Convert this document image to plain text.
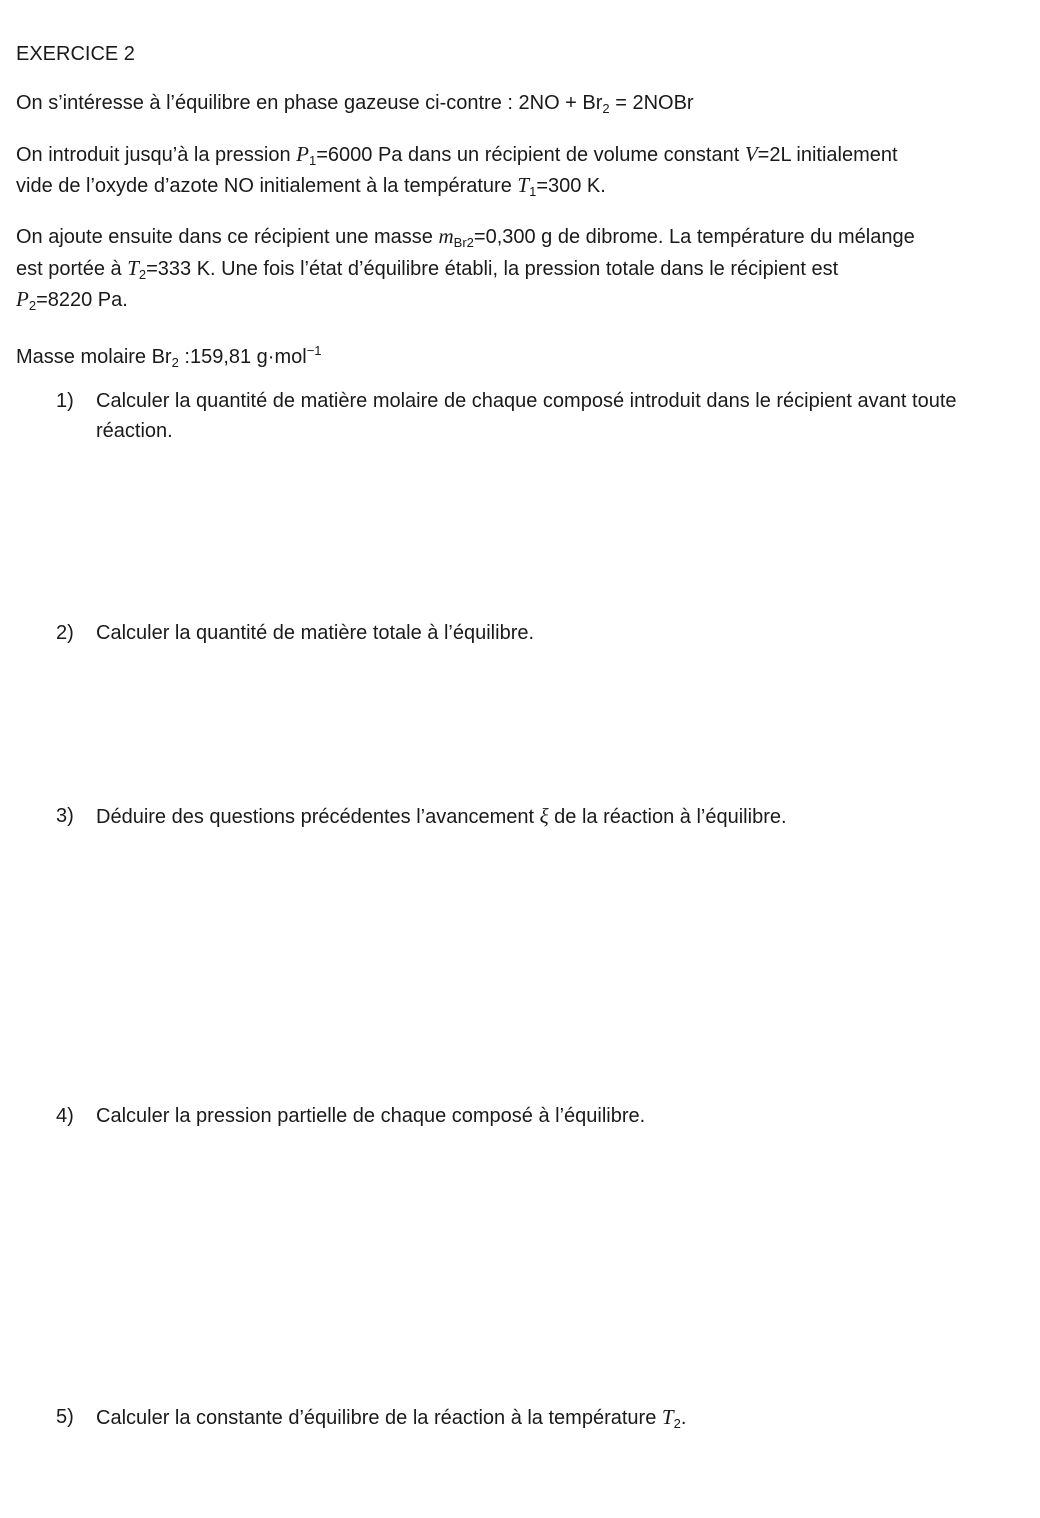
EXERCICE 2
On s’intéresse à l’équilibre en phase gazeuse ci-contre : $2NO + Br_2$ = 2NOBr
On introduit jusqu’à la pression $P_1=6000$ Pa dans un récipient de volume constant V=2L initialement
vide de l’oxyde d’azote NO initialement à la température $T_1=300$ K.
On ajoute ensuite dans ce récipient une masse $m_{Br2}=0,300$ g de dibrome. La température du mélange
est portée à $T_2=333$ K. Une fois l’état d’équilibre établi, la pression totale dans le récipient est
$P_2=8220$ Pa.
Masse molaire $Br_2$ :159,81 g·mol$^{-1}$
1) Calculer la quantité de matière molaire de chaque composé introduit dans le récipient avant toute réaction.
2) Calculer la quantité de matière totale à l’équilibre.
3) Déduire des questions précédentes l’avancement ξ de la réaction à l’équilibre.
4) Calculer la pression partielle de chaque composé à l’équilibre.
5) Calculer la constante d’équilibre de la réaction à la température $T_2$.
